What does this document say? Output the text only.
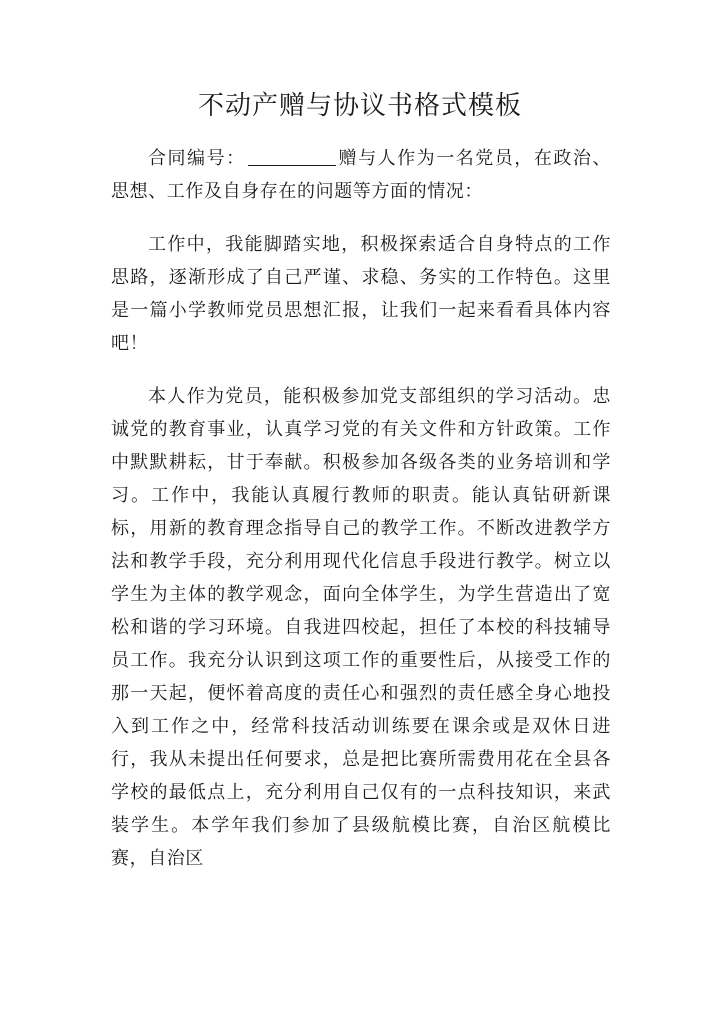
不动产赠与协议书格式模板

合同编号：	赠与人作为一名党员，在政治、思想、工作及自身存在的问题等方面的情况：

工作中，我能脚踏实地，积极探索适合自身特点的工作思路，逐渐形成了自己严谨、求稳、务实的工作特色。这里是一篇小学教师党员思想汇报，让我们一起来看看具体内容吧！

本人作为党员，能积极参加党支部组织的学习活动。忠诚党的教育事业，认真学习党的有关文件和方针政策。工作中默默耕耘，甘于奉献。积极参加各级各类的业务培训和学习。工作中，我能认真履行教师的职责。能认真钻研新课标，用新的教育理念指导自己的教学工作。不断改进教学方法和教学手段，充分利用现代化信息手段进行教学。树立以学生为主体的教学观念，面向全体学生，为学生营造出了宽松和谐的学习环境。自我进四校起，担任了本校的科技辅导员工作。我充分认识到这项工作的重要性后，从接受工作的那一天起，便怀着高度的责任心和强烈的责任感全身心地投入到工作之中，经常科技活动训练要在课余或是双休日进行，我从未提出任何要求，总是把比赛所需费用花在全县各学校的最低点上，充分利用自己仅有的一点科技知识，来武装学生。本学年我们参加了县级航模比赛，自治区航模比赛，自治区
